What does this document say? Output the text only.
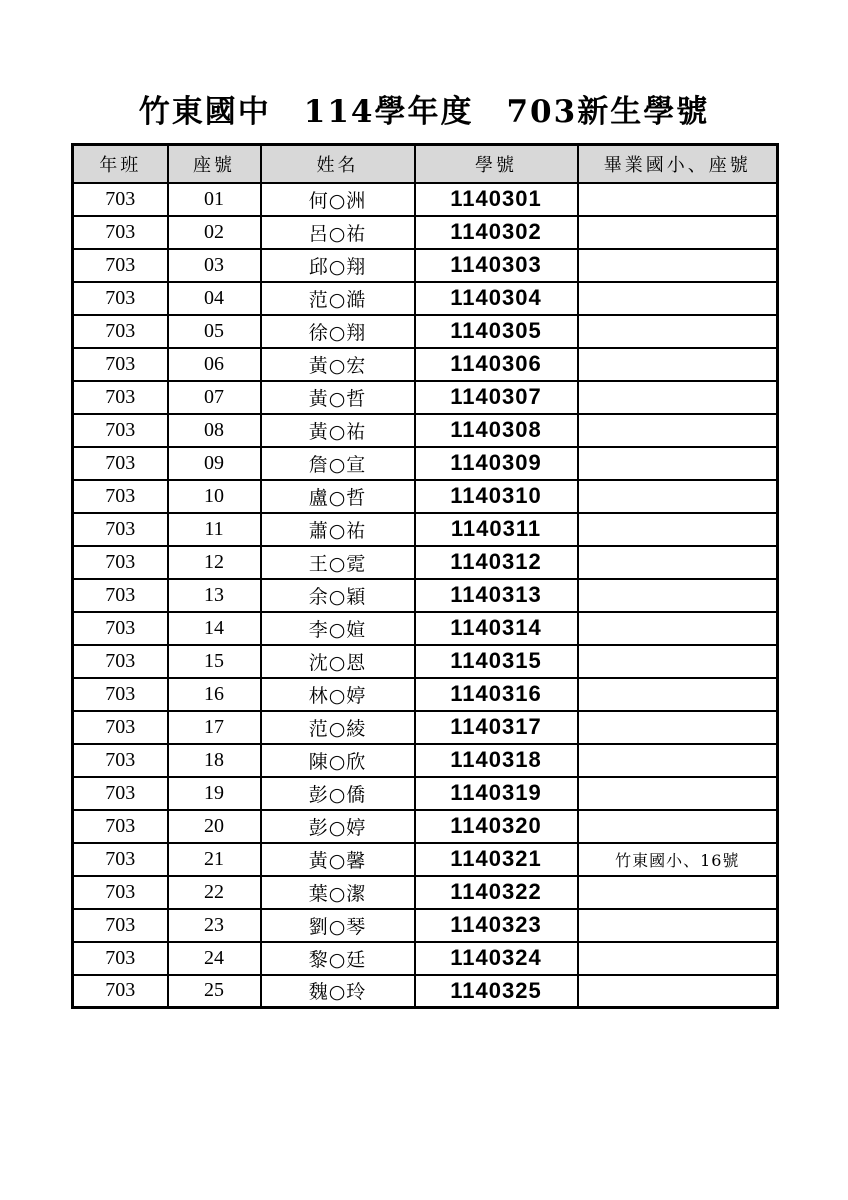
竹東國中　114學年度　703新生學號
年班	座號	姓名	學號	畢業國小、座號
703	01	何○洲	1140301	
703	02	呂○祐	1140302	
703	03	邱○翔	1140303	
703	04	范○澔	1140304	
703	05	徐○翔	1140305	
703	06	黃○宏	1140306	
703	07	黃○哲	1140307	
703	08	黃○祐	1140308	
703	09	詹○宣	1140309	
703	10	盧○哲	1140310	
703	11	蕭○祐	1140311	
703	12	王○霓	1140312	
703	13	余○穎	1140313	
703	14	李○媗	1140314	
703	15	沈○恩	1140315	
703	16	林○婷	1140316	
703	17	范○綾	1140317	
703	18	陳○欣	1140318	
703	19	彭○僑	1140319	
703	20	彭○婷	1140320	
703	21	黃○馨	1140321	竹東國小、16號
703	22	葉○潔	1140322	
703	23	劉○琴	1140323	
703	24	黎○廷	1140324	
703	25	魏○玲	1140325	
